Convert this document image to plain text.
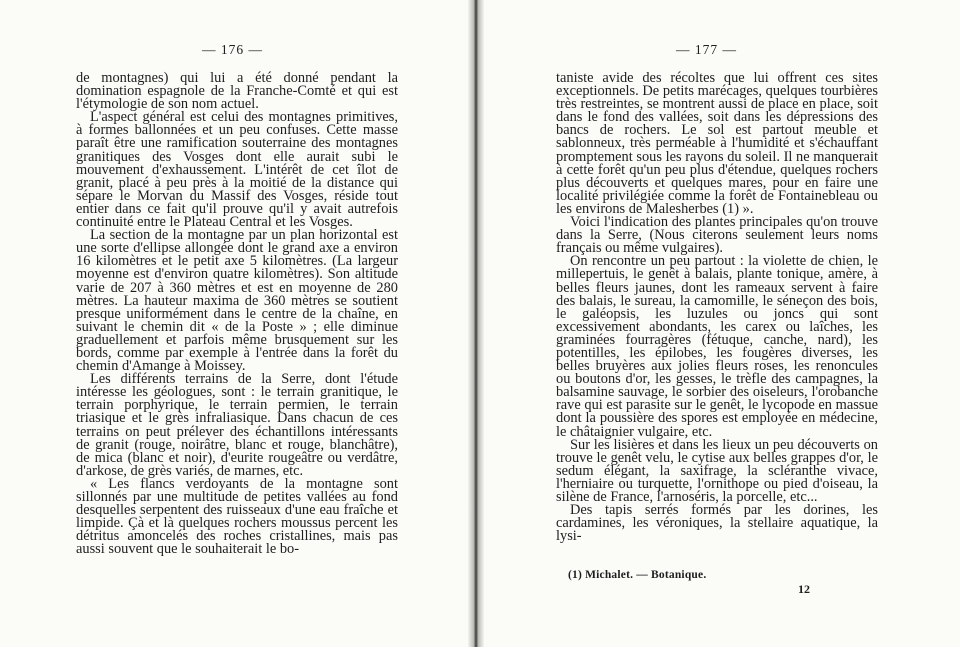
— 176 —

de montagnes) qui lui a été donné pendant la domination espagnole de la Franche-Comté et qui est l'étymologie de son nom actuel.

L'aspect général est celui des montagnes primitives, à formes ballonnées et un peu confuses. Cette masse paraît être une ramification souterraine des montagnes granitiques des Vosges dont elle aurait subi le mouvement d'exhaussement. L'intérêt de cet îlot de granit, placé à peu près à la moitié de la distance qui sépare le Morvan du Massif des Vosges, réside tout entier dans ce fait qu'il prouve qu'il y avait autrefois continuité entre le Plateau Central et les Vosges.

La section de la montagne par un plan horizontal est une sorte d'ellipse allongée dont le grand axe a environ 16 kilomètres et le petit axe 5 kilomètres. (La largeur moyenne est d'environ quatre kilomètres). Son altitude varie de 207 à 360 mètres et est en moyenne de 280 mètres. La hauteur maxima de 360 mètres se soutient presque uniformément dans le centre de la chaîne, en suivant le chemin dit « de la Poste » ; elle diminue graduellement et parfois même brusquement sur les bords, comme par exemple à l'entrée dans la forêt du chemin d'Amange à Moissey.

Les différents terrains de la Serre, dont l'étude intéresse les géologues, sont : le terrain granitique, le terrain porphyrique, le terrain permien, le terrain triasique et le grès infraliasique. Dans chacun de ces terrains on peut prélever des échantillons intéressants de granit (rouge, noirâtre, blanc et rouge, blanchâtre), de mica (blanc et noir), d'eurite rougeâtre ou verdâtre, d'arkose, de grès variés, de marnes, etc.

« Les flancs verdoyants de la montagne sont sillonnés par une multitude de petites vallées au fond desquelles serpentent des ruisseaux d'une eau fraîche et limpide. Çà et là quelques rochers moussus percent les détritus amoncelés des roches cristallines, mais pas aussi souvent que le souhaiterait le bo-

— 177 —

taniste avide des récoltes que lui offrent ces sites exceptionnels. De petits marécages, quelques tourbières très restreintes, se montrent aussi de place en place, soit dans le fond des vallées, soit dans les dépressions des bancs de rochers. Le sol est partout meuble et sablonneux, très perméable à l'humidité et s'échauffant promptement sous les rayons du soleil. Il ne manquerait à cette forêt qu'un peu plus d'étendue, quelques rochers plus découverts et quelques mares, pour en faire une localité privilégiée comme la forêt de Fontainebleau ou les environs de Malesherbes (1) ».

Voici l'indication des plantes principales qu'on trouve dans la Serre, (Nous citerons seulement leurs noms français ou même vulgaires).

On rencontre un peu partout : la violette de chien, le millepertuis, le genêt à balais, plante tonique, amère, à belles fleurs jaunes, dont les rameaux servent à faire des balais, le sureau, la camomille, le séneçon des bois, le galéopsis, les luzules ou joncs qui sont excessivement abondants, les carex ou laîches, les graminées fourragères (fétuque, canche, nard), les potentilles, les épilobes, les fougères diverses, les belles bruyères aux jolies fleurs roses, les renoncules ou boutons d'or, les gesses, le trèfle des campagnes, la balsamine sauvage, le sorbier des oiseleurs, l'orobanche rave qui est parasite sur le genêt, le lycopode en massue dont la poussière des spores est employée en médecine, le châtaignier vulgaire, etc.

Sur les lisières et dans les lieux un peu découverts on trouve le genêt velu, le cytise aux belles grappes d'or, le sedum élégant, la saxifrage, la scléranthe vivace, l'herniaire ou turquette, l'ornithope ou pied d'oiseau, la silène de France, l'arnoséris, la porcelle, etc...

Des tapis serrés formés par les dorines, les cardamines, les véroniques, la stellaire aquatique, la lysi-

(1) Michalet. — Botanique.
12
